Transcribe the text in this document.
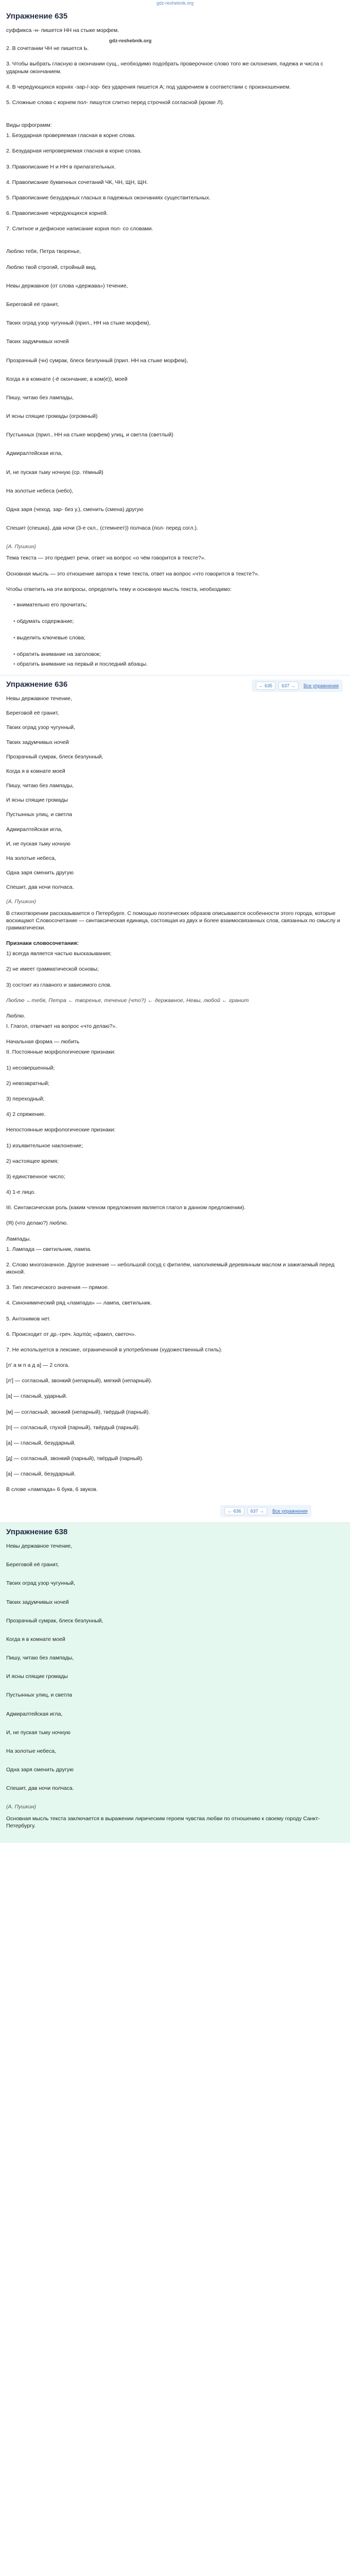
gdz-reshebnik.org
Упражнение 635
суффикса -н- пишется НН на стыке морфем.
gdz-reshebnik.org
2. В сочетании ЧН не пишется Ь.
3. Чтобы выбрать гласную в окончании сущ., необходимо подобрать проверочное слово того же склонения, падежа и числа с ударным окончанием.
4. В чередующихся корнях -зар-/-зор- без ударения пишется А; под ударением в соответствии с произношением.
5. Сложные слова с корнем пол- пишутся слитно перед строчной согласной (кроме Л).
Виды орфограмм:
1. Безударная проверяемая гласная в корне слова.
2. Безударная непроверяемая гласная в корне слова.
3. Правописание Н и НН в прилагательных.
4. Правописание буквенных сочетаний ЧК, ЧН, ЩН, ЩН.
5. Правописание безударных гласных в падежных окончаниях существительных.
6. Правописание чередующихся корней.
7. Слитное и дефисное написание корня пол- со словами.
Люблю тебя, Петра творенье,
Люблю твой строгий, стройный вид,
Невы державное (от слова «держава») течение,
Береговой её гранит,
Твоих оград узор чугунный (прил., НН на стыке морфем),
Твоих задумчивых ночей
Прозрачный (чн) сумрак, блеск безлунный (прил. НН на стыке морфем),
Когда я в комнате (-ё окончание, в ком(е)), моей
Пишу, читаю без лампады,
И ясны спящие громады (огромный)
Пустынных (прил., НН на стыке морфем) улиц, и светла (светлый)
Адмиралтейская игла,
И, не пуская тьму ночную (ср. тёмный)
На золотые небеса (небо),
Одна заря (чеход. зар- без у.), сменить (смена) другую
Спешит (спешка), дав ночи (3-е скл., (стемнеет)) полчаса (пол- перед согл.).
(А. Пушкин)
Тема текста — это предмет речи, ответ на вопрос «о чём говорится в тексте?».
Основная мысль — это отношение автора к теме текста, ответ на вопрос «что говорится в тексте?».
Чтобы ответить на эти вопросы, определить тему и основную мысль текста, необходимо:
• внимательно его прочитать;
• обдумать содержание;
• выделить ключевые слова;
• обратить внимание на заголовок;
• обратить внимание на первый и последний абзацы.
Упражнение 636	← 635	637 →	Все упражнения
Невы державное течение,
Береговой её гранит,
Твоих оград узор чугунный,
Твоих задумчивых ночей
Прозрачный сумрак, блеск безлунный,
Когда я в комнате моей
Пишу, читаю без лампады,
И ясны спящие громады
Пустынных улиц, и светла
Адмиралтейская игла,
И, не пуская тьму ночную
На золотые небеса,
Одна заря сменить другую
Спешит, дав ночи полчаса.
(А. Пушкин)
В стихотворении рассказывается о Петербурге. С помощью поэтических образов описываются особенности этого города, которые восхищают Словосочетание — синтаксическая единица, состоящая из двух и более взаимосвязанных слов, связанных по смыслу и грамматически.
Признаки словосочетания:
1) всегда является частью высказывания;
2) не имеет грамматической основы;
3) состоит из главного и зависимого слов.
Люблю ←тебя, Петра ← творенье, течение (что?) ← державное, Невы, любой ← гранит
Люблю.
I. Глагол, отвечает на вопрос «что делаю?».
Начальная форма — любить
II. Постоянные морфологические признаки:
1) несовершенный;
2) невозвратный;
3) переходный;
4) 2 спряжение.
Непостоянные морфологические признаки:
1) изъявительное наклонение;
2) настоящее время;
3) единственное число;
4) 1-е лицо.
III. Синтаксическая роль (каким членом предложения является глагол в данном предложении).
(Я) (что делаю?) люблю.
Лампады.
1. Лампада — светильник, лампа.
2. Слово многозначное. Другое значение — небольшой сосуд с фитилём, наполняемый деревянным маслом и зажигаемый перед иконой.
3. Тип лексического значения — прямое.
4. Синонимический ряд «лампада» — лампа, светильник.
5. Антонимов нет.
6. Происходит от др.-греч. λαμπάς «факел, светоч».
7. Не используется в лексике, ограниченной в употреблении (художественный стиль).
[л' а м п а д а] — 2 слога.
[л'] — согласный, звонкий (непарный), мягкий (непарный).
[а] — гласный, ударный.
[м] — согласный, звонкий (непарный), твёрдый (парный).
[п] — согласный, глухой (парный), твёрдый (парный).
[а] — гласный, безударный.
[д] — согласный, звонкий (парный), твёрдый (парный).
[а] — гласный, безударный.
В слове «лампада» 6 букв, 6 звуков.
← 636	637 →	Все упражнения
Упражнение 638
Невы державное течение,
Береговой её гранит,
Твоих оград узор чугунный,
Твоих задумчивых ночей
Прозрачный сумрак, блеск безлунный,
Когда я в комнате моей
Пишу, читаю без лампады,
И ясны спящие громады
Пустынных улиц, и светла
Адмиралтейская игла,
И, не пуская тьму ночную
На золотые небеса,
Одна заря сменить другую
Спешит, дав ночи полчаса.
(А. Пушкин)
Основная мысль текста заключается в выражении лирическим героем чувства любви по отношению к своему городу Санкт-Петербургу.
